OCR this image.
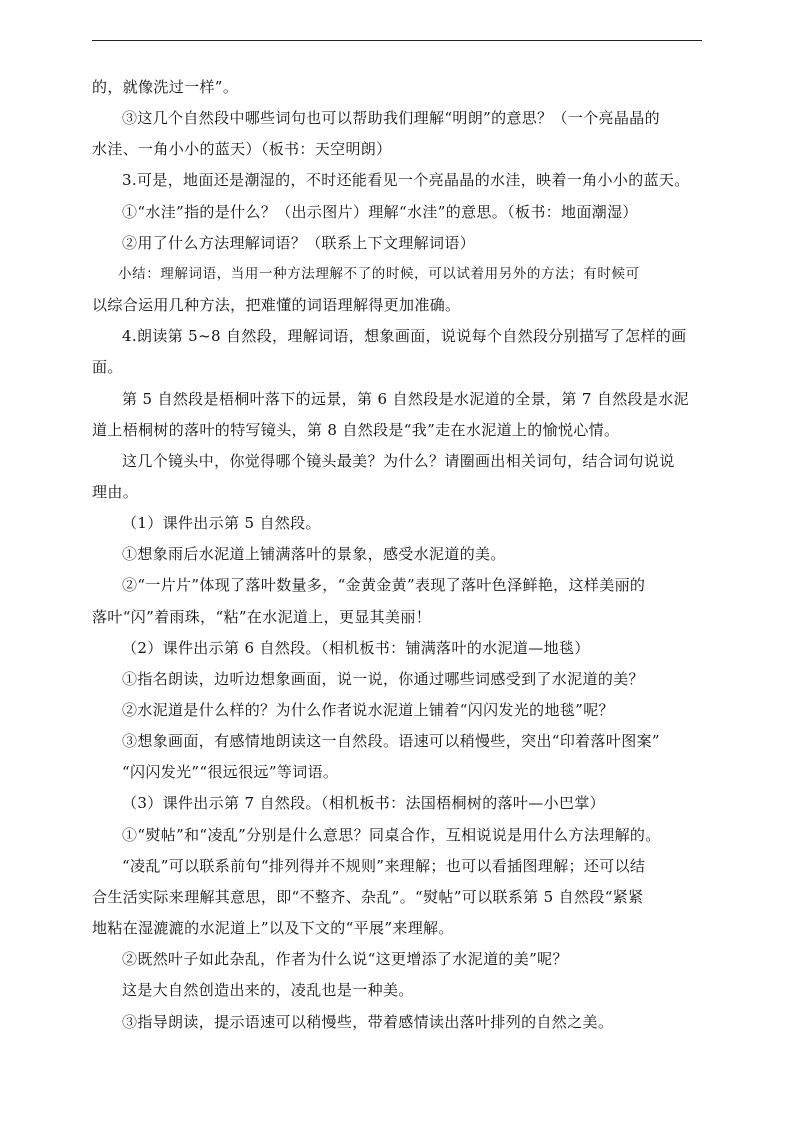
的，就像洗过一样”。
③这几个自然段中哪些词句也可以帮助我们理解“明朗”的意思？（一个亮晶晶的
水洼、一角小小的蓝天）（板书：天空明朗）
3.可是，地面还是潮湿的，不时还能看见一个亮晶晶的水洼，映着一角小小的蓝天。
①“水洼”指的是什么？（出示图片）理解“水洼”的意思。（板书：地面潮湿）
②用了什么方法理解词语？（联系上下文理解词语）
小结：理解词语，当用一种方法理解不了的时候，可以试着用另外的方法；有时候可
以综合运用几种方法，把难懂的词语理解得更加准确。
4.朗读第 5~8 自然段，理解词语，想象画面，说说每个自然段分别描写了怎样的画
面。
第 5 自然段是梧桐叶落下的远景，第 6 自然段是水泥道的全景，第 7 自然段是水泥
道上梧桐树的落叶的特写镜头，第 8 自然段是“我”走在水泥道上的愉悦心情。
这几个镜头中，你觉得哪个镜头最美？为什么？请圈画出相关词句，结合词句说说
理由。
（1）课件出示第 5 自然段。
①想象雨后水泥道上铺满落叶的景象，感受水泥道的美。
②“一片片”体现了落叶数量多，“金黄金黄”表现了落叶色泽鲜艳，这样美丽的
落叶“闪”着雨珠，“粘”在水泥道上，更显其美丽！
（2）课件出示第 6 自然段。（相机板书：铺满落叶的水泥道—地毯）
①指名朗读，边听边想象画面，说一说，你通过哪些词感受到了水泥道的美？
②水泥道是什么样的？为什么作者说水泥道上铺着“闪闪发光的地毯”呢？
③想象画面，有感情地朗读这一自然段。语速可以稍慢些，突出“印着落叶图案”
“闪闪发光”“很远很远”等词语。
（3）课件出示第 7 自然段。（相机板书：法国梧桐树的落叶—小巴掌）
①“熨帖”和“凌乱”分别是什么意思？同桌合作，互相说说是用什么方法理解的。
“凌乱”可以联系前句“排列得并不规则”来理解；也可以看插图理解；还可以结
合生活实际来理解其意思，即“不整齐、杂乱”。“熨帖”可以联系第 5 自然段“紧紧
地粘在湿漉漉的水泥道上”以及下文的“平展”来理解。
②既然叶子如此杂乱，作者为什么说“这更增添了水泥道的美”呢？
这是大自然创造出来的，凌乱也是一种美。
③指导朗读，提示语速可以稍慢些，带着感情读出落叶排列的自然之美。
